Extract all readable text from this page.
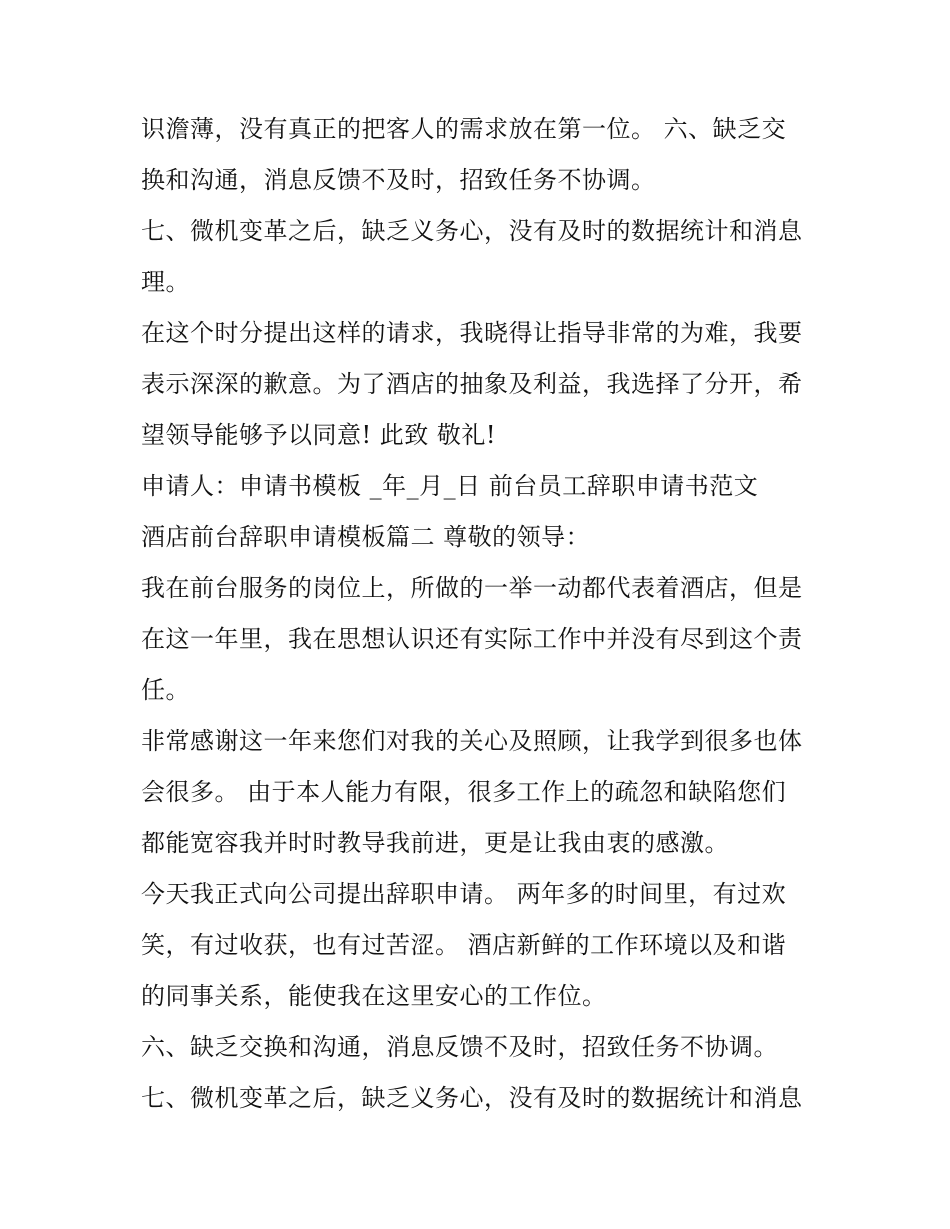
识澹薄，没有真正的把客人的需求放在第一位。 六、缺乏交
换和沟通，消息反馈不及时，招致任务不协调。
七、微机变革之后，缺乏义务心，没有及时的数据统计和消息
理。
在这个时分提出这样的请求，我晓得让指导非常的为难，我要
表示深深的歉意。为了酒店的抽象及利益，我选择了分开，希
望领导能够予以同意! 此致 敬礼!
申请人：申请书模板 _年_月_日 前台员工辞职申请书范文
酒店前台辞职申请模板篇二 尊敬的领导：
我在前台服务的岗位上，所做的一举一动都代表着酒店，但是
在这一年里，我在思想认识还有实际工作中并没有尽到这个责
任。
非常感谢这一年来您们对我的关心及照顾，让我学到很多也体
会很多。 由于本人能力有限，很多工作上的疏忽和缺陷您们
都能宽容我并时时教导我前进，更是让我由衷的感激。
今天我正式向公司提出辞职申请。 两年多的时间里，有过欢
笑，有过收获，也有过苦涩。 酒店新鲜的工作环境以及和谐
的同事关系，能使我在这里安心的工作位。
六、缺乏交换和沟通，消息反馈不及时，招致任务不协调。
七、微机变革之后，缺乏义务心，没有及时的数据统计和消息
